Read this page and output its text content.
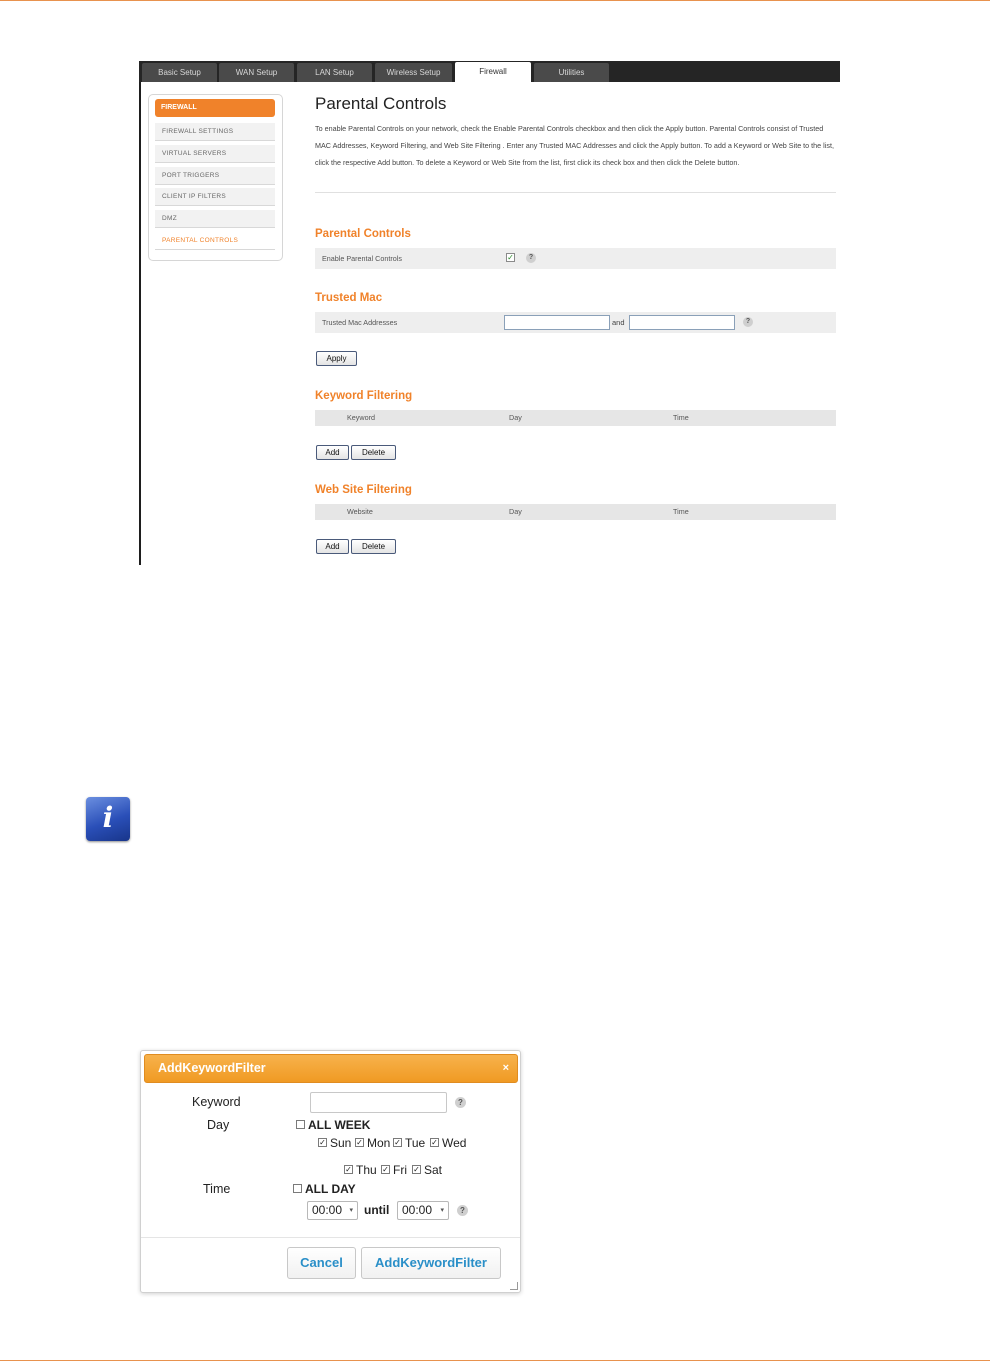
Basic Setup	WAN Setup	LAN Setup	Wireless Setup	Firewall	Utilities
FIREWALL
FIREWALL SETTINGS
VIRTUAL SERVERS
PORT TRIGGERS
CLIENT IP FILTERS
DMZ
PARENTAL CONTROLS
Parental Controls
To enable Parental Controls on your network, check the Enable Parental Controls checkbox and then click the Apply button. Parental Controls consist of Trusted MAC Addresses, Keyword Filtering, and Web Site Filtering . Enter any Trusted MAC Addresses and click the Apply button. To add a Keyword or Web Site to the list, click the respective Add button. To delete a Keyword or Web Site from the list, first click its check box and then click the Delete button.
Parental Controls
Enable Parental Controls	✓	?
Trusted Mac
Trusted Mac Addresses	and	?
Apply
Keyword Filtering
Keyword	Day	Time
Add	Delete
Web Site Filtering
Website	Day	Time
Add	Delete
i
AddKeywordFilter	×
Keyword	?
Day	ALL WEEK
✓ Sun ✓ Mon ✓ Tue ✓ Wed
✓ Thu ✓ Fri ✓ Sat
Time	ALL DAY
00:00 ▾ until	00:00 ▾	?
Cancel	AddKeywordFilter
